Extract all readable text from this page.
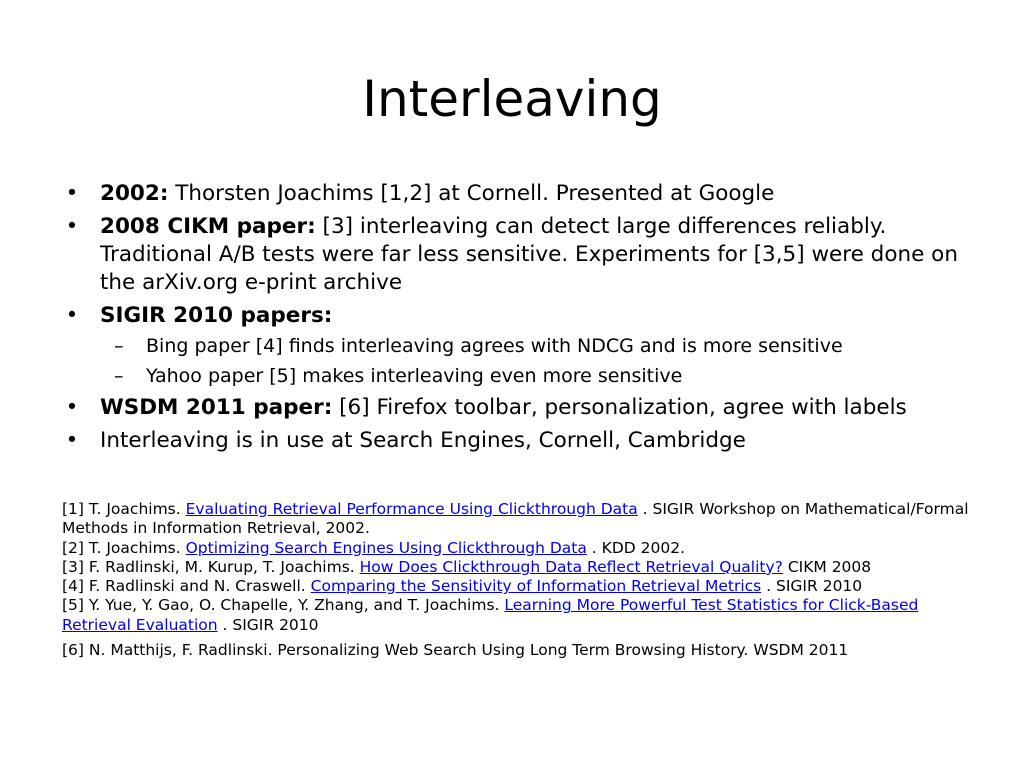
Interleaving
• 2002: Thorsten Joachims [1,2] at Cornell. Presented at Google
• 2008 CIKM paper: [3] interleaving can detect large differences reliably. Traditional A/B tests were far less sensitive. Experiments for [3,5] were done on the arXiv.org e-print archive
• SIGIR 2010 papers:
– Bing paper [4] finds interleaving agrees with NDCG and is more sensitive
– Yahoo paper [5] makes interleaving even more sensitive
• WSDM 2011 paper: [6] Firefox toolbar, personalization, agree with labels
• Interleaving is in use at Search Engines, Cornell, Cambridge

[1] T. Joachims. Evaluating Retrieval Performance Using Clickthrough Data . SIGIR Workshop on Mathematical/Formal Methods in Information Retrieval, 2002.

[2] T. Joachims. Optimizing Search Engines Using Clickthrough Data . KDD 2002.

[3] F. Radlinski, M. Kurup, T. Joachims. How Does Clickthrough Data Reflect Retrieval Quality? CIKM 2008

[4] F. Radlinski and N. Craswell. Comparing the Sensitivity of Information Retrieval Metrics . SIGIR 2010

[5] Y. Yue, Y. Gao, O. Chapelle, Y. Zhang, and T. Joachims. Learning More Powerful Test Statistics for Click-Based Retrieval Evaluation . SIGIR 2010

[6] N. Matthijs, F. Radlinski. Personalizing Web Search Using Long Term Browsing History. WSDM 2011
